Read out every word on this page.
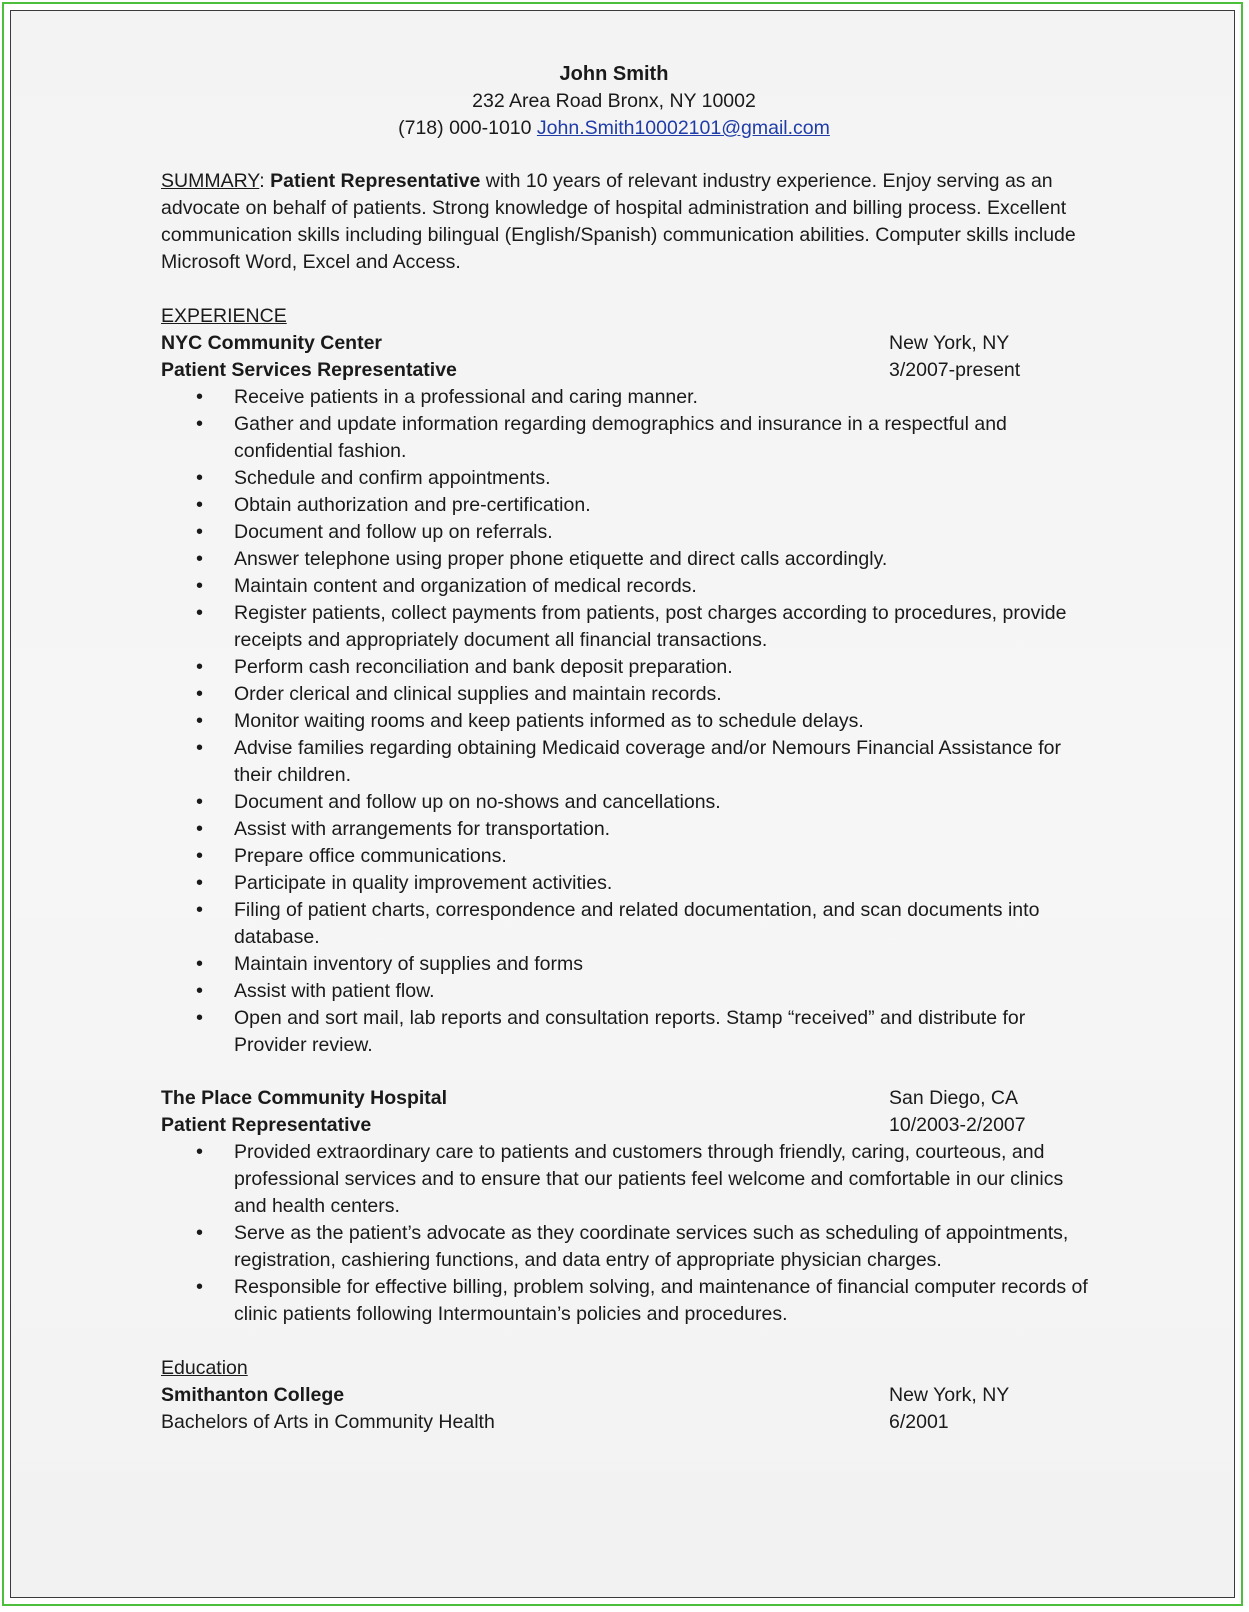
John Smith
232 Area Road Bronx, NY 10002
(718) 000-1010 John.Smith10002101@gmail.com
SUMMARY: Patient Representative with 10 years of relevant industry experience. Enjoy serving as an advocate on behalf of patients. Strong knowledge of hospital administration and billing process. Excellent communication skills including bilingual (English/Spanish) communication abilities. Computer skills include Microsoft Word, Excel and Access.
EXPERIENCE
NYC Community Center	New York, NY
Patient Services Representative	3/2007-present
• Receive patients in a professional and caring manner.
• Gather and update information regarding demographics and insurance in a respectful and confidential fashion.
• Schedule and confirm appointments.
• Obtain authorization and pre-certification.
• Document and follow up on referrals.
• Answer telephone using proper phone etiquette and direct calls accordingly.
• Maintain content and organization of medical records.
• Register patients, collect payments from patients, post charges according to procedures, provide receipts and appropriately document all financial transactions.
• Perform cash reconciliation and bank deposit preparation.
• Order clerical and clinical supplies and maintain records.
• Monitor waiting rooms and keep patients informed as to schedule delays.
• Advise families regarding obtaining Medicaid coverage and/or Nemours Financial Assistance for their children.
• Document and follow up on no-shows and cancellations.
• Assist with arrangements for transportation.
• Prepare office communications.
• Participate in quality improvement activities.
• Filing of patient charts, correspondence and related documentation, and scan documents into database.
• Maintain inventory of supplies and forms
• Assist with patient flow.
• Open and sort mail, lab reports and consultation reports. Stamp “received” and distribute for Provider review.
The Place Community Hospital	San Diego, CA
Patient Representative	10/2003-2/2007
• Provided extraordinary care to patients and customers through friendly, caring, courteous, and professional services and to ensure that our patients feel welcome and comfortable in our clinics and health centers.
• Serve as the patient’s advocate as they coordinate services such as scheduling of appointments, registration, cashiering functions, and data entry of appropriate physician charges.
• Responsible for effective billing, problem solving, and maintenance of financial computer records of clinic patients following Intermountain’s policies and procedures.
Education
Smithanton College	New York, NY
Bachelors of Arts in Community Health	6/2001
